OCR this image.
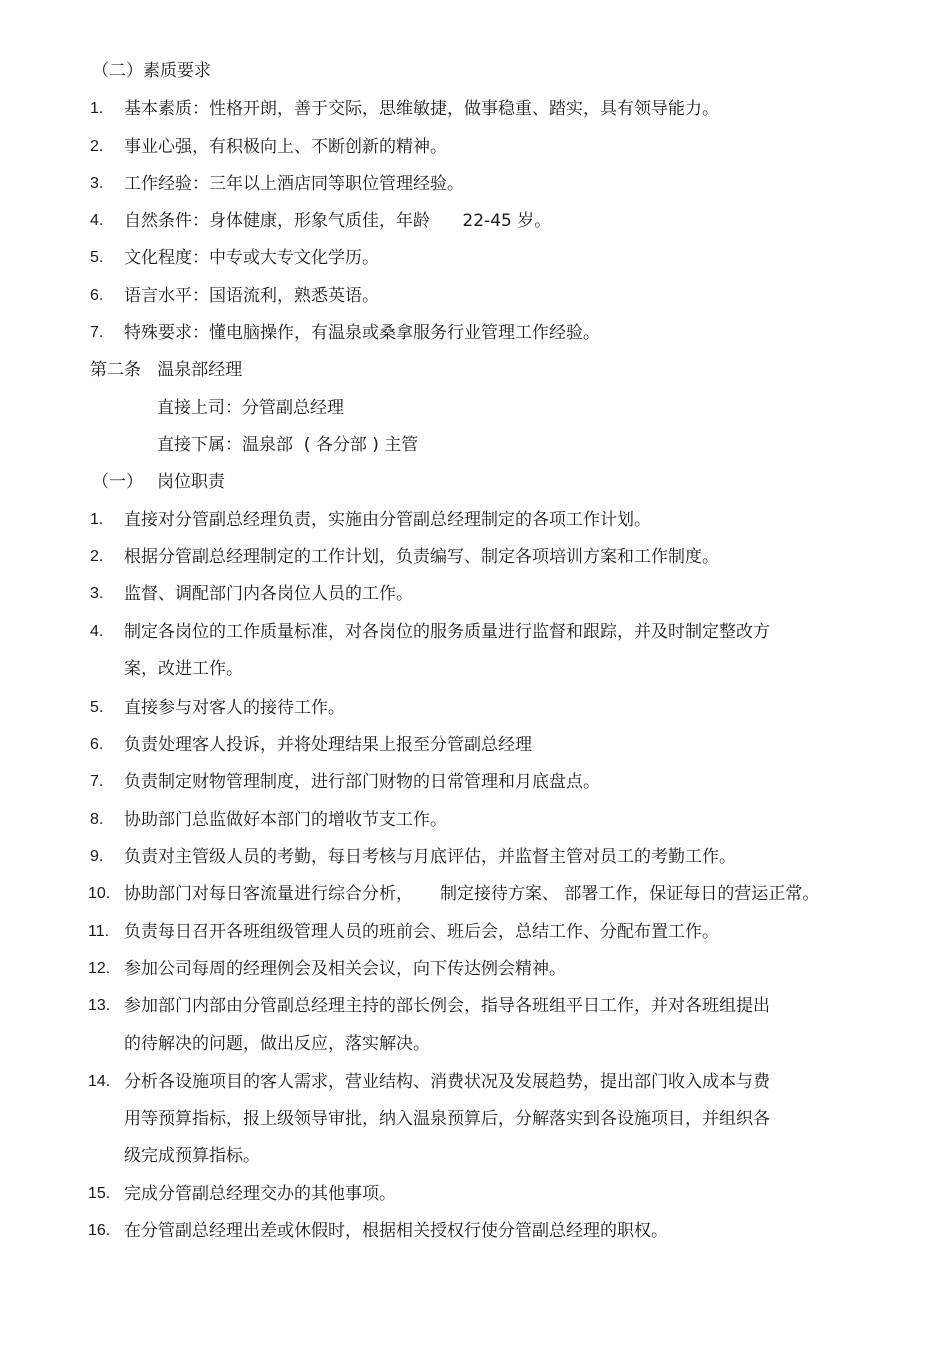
（二）素质要求
1. 基本素质：性格开朗，善于交际，思维敏捷，做事稳重、踏实，具有领导能力。
2. 事业心强，有积极向上、不断创新的精神。
3. 工作经验：三年以上酒店同等职位管理经验。
4. 自然条件：身体健康，形象气质佳，年龄      22-45 岁。
5. 文化程度：中专或大专文化学历。
6. 语言水平：国语流利，熟悉英语。
7. 特殊要求：懂电脑操作，有温泉或桑拿服务行业管理工作经验。
第二条   温泉部经理
直接上司：分管副总经理
直接下属：温泉部  ( 各分部 ) 主管
（一） 岗位职责
1. 直接对分管副总经理负责，实施由分管副总经理制定的各项工作计划。
2. 根据分管副总经理制定的工作计划，负责编写、制定各项培训方案和工作制度。
3. 监督、调配部门内各岗位人员的工作。
4. 制定各岗位的工作质量标准，对各岗位的服务质量进行监督和跟踪，并及时制定整改方
案，改进工作。
5. 直接参与对客人的接待工作。
6. 负责处理客人投诉，并将处理结果上报至分管副总经理
7. 负责制定财物管理制度，进行部门财物的日常管理和月底盘点。
8. 协助部门总监做好本部门的增收节支工作。
9. 负责对主管级人员的考勤，每日考核与月底评估，并监督主管对员工的考勤工作。
10. 协助部门对每日客流量进行综合分析，     制定接待方案、 部署工作，保证每日的营运正常。
11. 负责每日召开各班组级管理人员的班前会、班后会，总结工作、分配布置工作。
12. 参加公司每周的经理例会及相关会议，向下传达例会精神。
13. 参加部门内部由分管副总经理主持的部长例会，指导各班组平日工作，并对各班组提出
的待解决的问题，做出反应，落实解决。
14. 分析各设施项目的客人需求，营业结构、消费状况及发展趋势，提出部门收入成本与费
用等预算指标，报上级领导审批，纳入温泉预算后，分解落实到各设施项目，并组织各
级完成预算指标。
15. 完成分管副总经理交办的其他事项。
16. 在分管副总经理出差或休假时，根据相关授权行使分管副总经理的职权。
